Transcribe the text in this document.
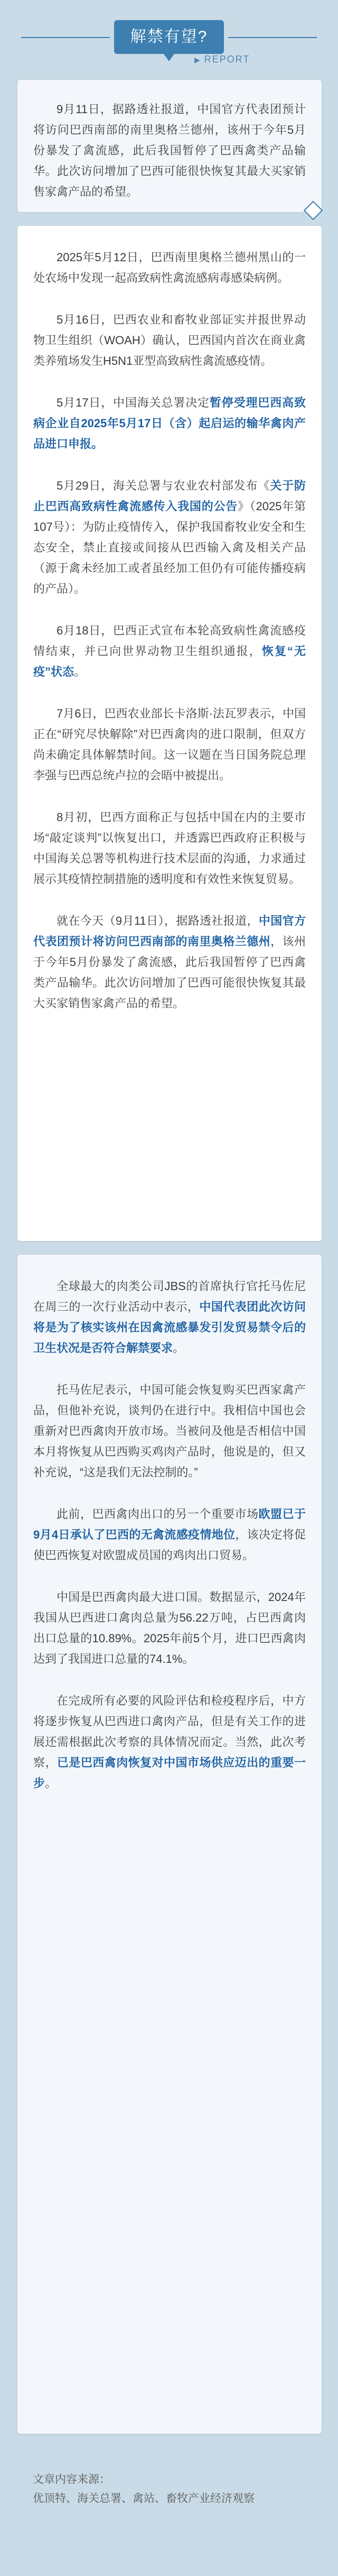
解禁有望?
▶ REPORT

9月11日，据路透社报道，中国官方代表团预计将访问巴西南部的南里奥格兰德州，该州于今年5月份暴发了禽流感，此后我国暂停了巴西禽类产品输华。此次访问增加了巴西可能很快恢复其最大买家销售家禽产品的希望。

2025年5月12日，巴西南里奥格兰德州黑山的一处农场中发现一起高致病性禽流感病毒感染病例。

5月16日，巴西农业和畜牧业部证实并报世界动物卫生组织（WOAH）确认，巴西国内首次在商业禽类养殖场发生H5N1亚型高致病性禽流感疫情。

5月17日，中国海关总署决定暂停受理巴西高致病企业自2025年5月17日（含）起启运的输华禽肉产品进口申报。

5月29日，海关总署与农业农村部发布《关于防止巴西高致病性禽流感传入我国的公告》（2025年第107号）：为防止疫情传入，保护我国畜牧业安全和生态安全，禁止直接或间接从巴西输入禽及相关产品（源于禽未经加工或者虽经加工但仍有可能传播疫病的产品）。

6月18日，巴西正式宣布本轮高致病性禽流感疫情结束，并已向世界动物卫生组织通报，恢复“无疫”状态。

7月6日，巴西农业部长卡洛斯·法瓦罗表示，中国正在“研究尽快解除”对巴西禽肉的进口限制，但双方尚未确定具体解禁时间。这一议题在当日国务院总理李强与巴西总统卢拉的会晤中被提出。

8月初，巴西方面称正与包括中国在内的主要市场“敲定谈判”以恢复出口，并透露巴西政府正积极与中国海关总署等机构进行技术层面的沟通，力求通过展示其疫情控制措施的透明度和有效性来恢复贸易。

就在今天（9月11日），据路透社报道，中国官方代表团预计将访问巴西南部的南里奥格兰德州，该州于今年5月份暴发了禽流感，此后我国暂停了巴西禽类产品输华。此次访问增加了巴西可能很快恢复其最大买家销售家禽产品的希望。

全球最大的肉类公司JBS的首席执行官托马佐尼在周三的一次行业活动中表示，中国代表团此次访问将是为了核实该州在因禽流感暴发引发贸易禁令后的卫生状况是否符合解禁要求。

托马佐尼表示，中国可能会恢复购买巴西家禽产品，但他补充说，谈判仍在进行中。我相信中国也会重新对巴西禽肉开放市场。当被问及他是否相信中国本月将恢复从巴西购买鸡肉产品时，他说是的，但又补充说，“这是我们无法控制的。”

此前，巴西禽肉出口的另一个重要市场欧盟已于9月4日承认了巴西的无禽流感疫情地位，该决定将促使巴西恢复对欧盟成员国的鸡肉出口贸易。

中国是巴西禽肉最大进口国。数据显示，2024年我国从巴西进口禽肉总量为56.22万吨，占巴西禽肉出口总量的10.89%。2025年前5个月，进口巴西禽肉达到了我国进口总量的74.1%。

在完成所有必要的风险评估和检疫程序后，中方将逐步恢复从巴西进口禽肉产品，但是有关工作的进展还需根据此次考察的具体情况而定。当然，此次考察，已是巴西禽肉恢复对中国市场供应迈出的重要一步。

文章内容来源：
优顶特、海关总署、禽站、畜牧产业经济观察
